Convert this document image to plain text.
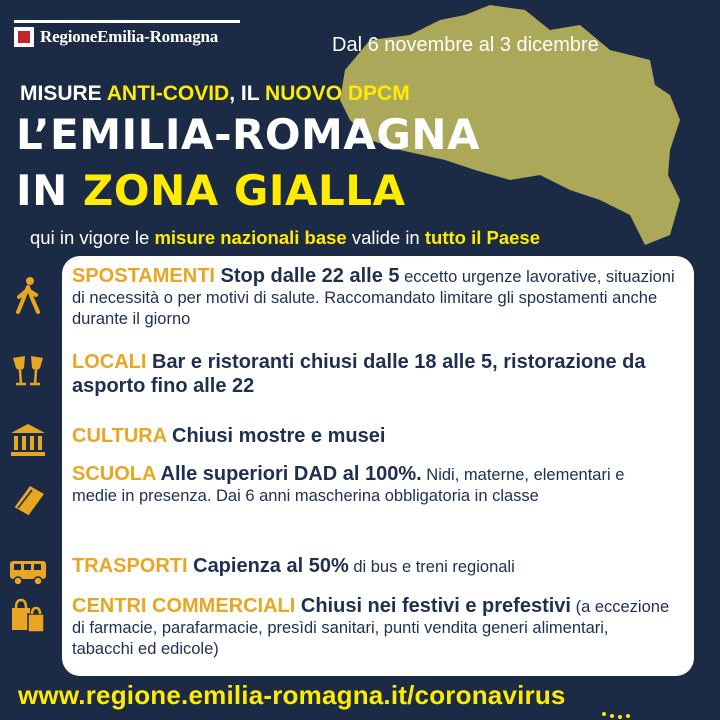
RegioneEmilia-Romagna	Dal 6 novembre al 3 dicembre
MISURE ANTI-COVID, IL NUOVO DPCM
L’EMILIA-ROMAGNA
IN ZONA GIALLA
qui in vigore le misure nazionali base valide in tutto il Paese
SPOSTAMENTI Stop dalle 22 alle 5 eccetto urgenze lavorative, situazioni di necessità o per motivi di salute. Raccomandato limitare gli spostamenti anche durante il giorno
LOCALI Bar e ristoranti chiusi dalle 18 alle 5, ristorazione da asporto fino alle 22
CULTURA Chiusi mostre e musei
SCUOLA Alle superiori DAD al 100%. Nidi, materne, elementari e medie in presenza. Dai 6 anni mascherina obbligatoria in classe
TRASPORTI Capienza al 50% di bus e treni regionali
CENTRI COMMERCIALI Chiusi nei festivi e prefestivi (a eccezione di farmacie, parafarmacie, presìdi sanitari, punti vendita generi alimentari, tabacchi ed edicole)
www.regione.emilia-romagna.it/coronavirus
